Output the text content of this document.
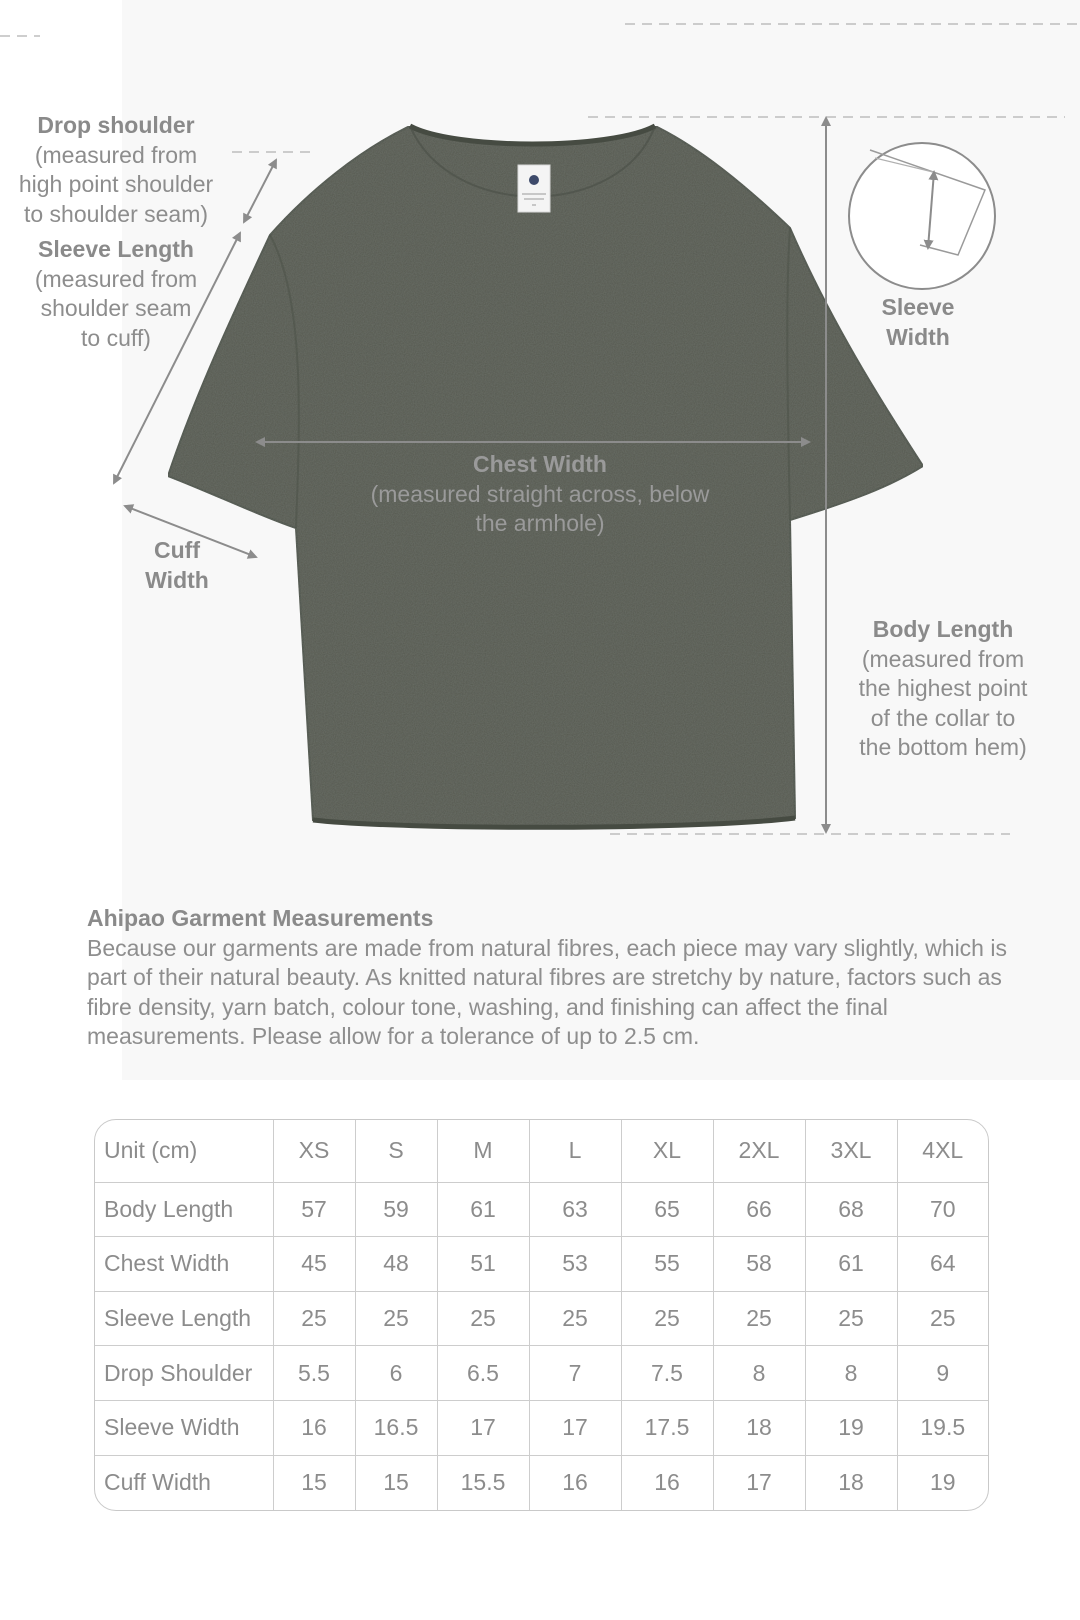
Drop shoulder
(measured from
high point shoulder
to shoulder seam)
Sleeve Length
(measured from
shoulder seam
to cuff)
Cuff
Width
Sleeve
Width
Chest Width
(measured straight across, below
the armhole)
Body Length
(measured from
the highest point
of the collar to
the bottom hem)
Ahipao Garment Measurements
Because our garments are made from natural fibres, each piece may vary slightly, which is part of their natural beauty. As knitted natural fibres are stretchy by nature, factors such as fibre density, yarn batch, colour tone, washing, and finishing can affect the final measurements. Please allow for a tolerance of up to 2.5 cm.
Unit (cm)	XS	S	M	L	XL	2XL	3XL	4XL
Body Length	57	59	61	63	65	66	68	70
Chest Width	45	48	51	53	55	58	61	64
Sleeve Length	25	25	25	25	25	25	25	25
Drop Shoulder	5.5	6	6.5	7	7.5	8	8	9
Sleeve Width	16	16.5	17	17	17.5	18	19	19.5
Cuff Width	15	15	15.5	16	16	17	18	19
